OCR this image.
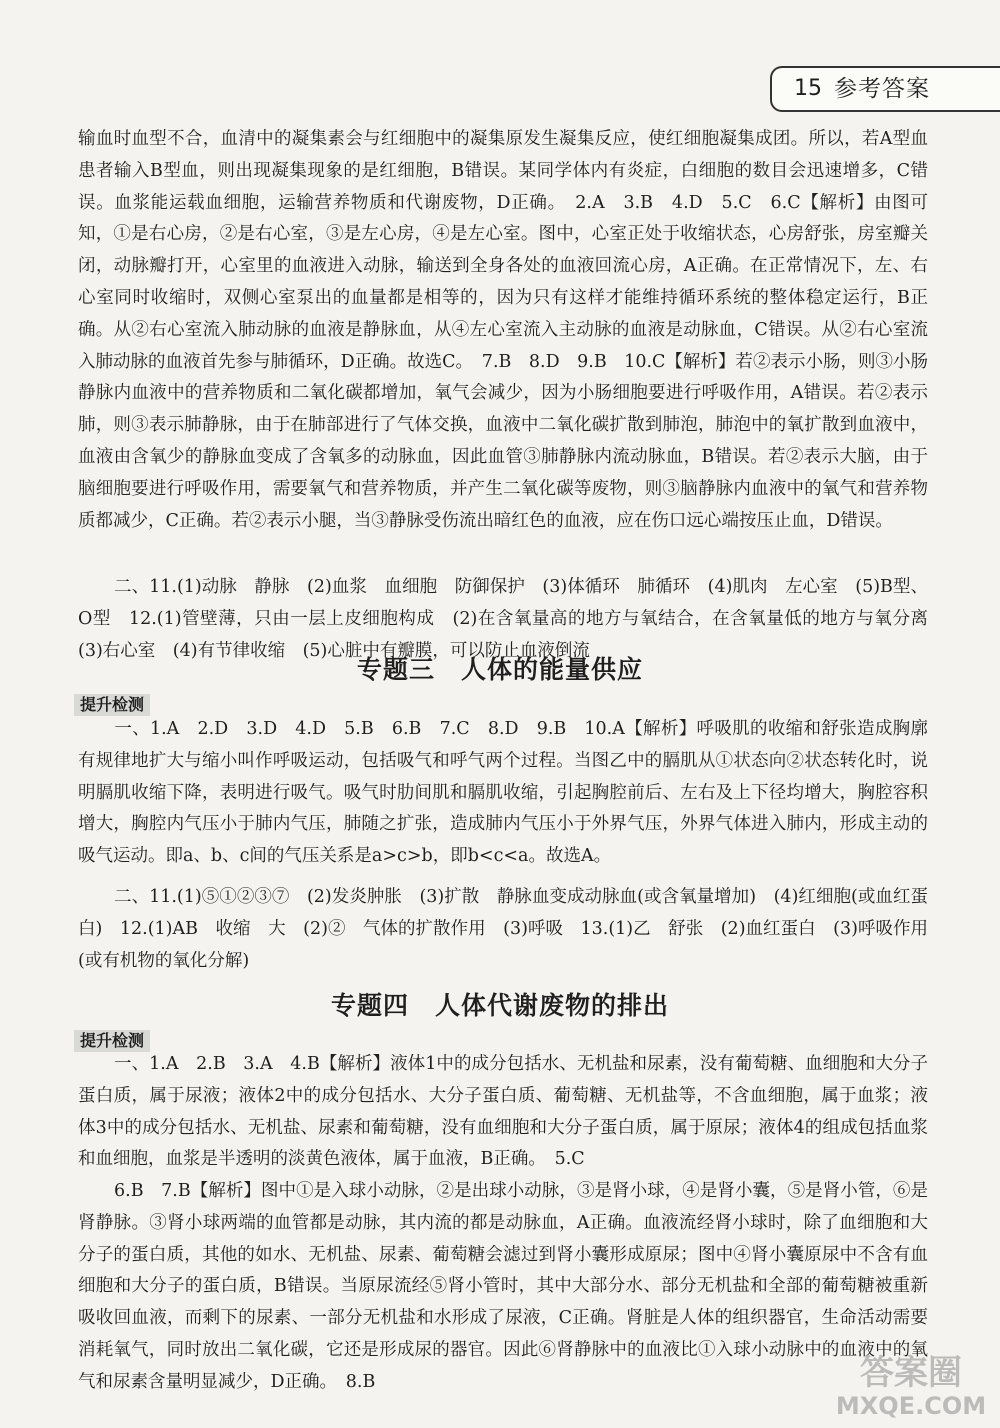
15 参考答案

输血时血型不合，血清中的凝集素会与红细胞中的凝集原发生凝集反应，使红细胞凝集成团。所以，若A型血患者输入B型血，则出现凝集现象的是红细胞，B错误。某同学体内有炎症，白细胞的数目会迅速增多，C错误。血浆能运载血细胞，运输营养物质和代谢废物，D正确。　2.A　3.B　4.D　5.C　6.C【解析】由图可知，①是右心房，②是右心室，③是左心房，④是左心室。图中，心室正处于收缩状态，心房舒张，房室瓣关闭，动脉瓣打开，心室里的血液进入动脉，输送到全身各处的血液回流心房，A正确。在正常情况下，左、右心室同时收缩时，双侧心室泵出的血量都是相等的，因为只有这样才能维持循环系统的整体稳定运行，B正确。从②右心室流入肺动脉的血液是静脉血，从④左心室流入主动脉的血液是动脉血，C错误。从②右心室流入肺动脉的血液首先参与肺循环，D正确。故选C。　7.B　8.D　9.B　10.C【解析】若②表示小肠，则③小肠静脉内血液中的营养物质和二氧化碳都增加，氧气会减少，因为小肠细胞要进行呼吸作用，A错误。若②表示肺，则③表示肺静脉，由于在肺部进行了气体交换，血液中二氧化碳扩散到肺泡，肺泡中的氧扩散到血液中，血液由含氧少的静脉血变成了含氧多的动脉血，因此血管③肺静脉内流动脉血，B错误。若②表示大脑，由于脑细胞要进行呼吸作用，需要氧气和营养物质，并产生二氧化碳等废物，则③脑静脉内血液中的氧气和营养物质都减少，C正确。若②表示小腿，当③静脉受伤流出暗红色的血液，应在伤口远心端按压止血，D错误。

二、11.(1)动脉　静脉　(2)血浆　血细胞　防御保护　(3)体循环　肺循环　(4)肌肉　左心室　(5)B型、O型　12.(1)管壁薄，只由一层上皮细胞构成　(2)在含氧量高的地方与氧结合，在含氧量低的地方与氧分离　(3)右心室　(4)有节律收缩　(5)心脏中有瓣膜，可以防止血液倒流

专题三　人体的能量供应
提升检测

一、1.A　2.D　3.D　4.D　5.B　6.B　7.C　8.D　9.B　10.A【解析】呼吸肌的收缩和舒张造成胸廓有规律地扩大与缩小叫作呼吸运动，包括吸气和呼气两个过程。当图乙中的膈肌从①状态向②状态转化时，说明膈肌收缩下降，表明进行吸气。吸气时肋间肌和膈肌收缩，引起胸腔前后、左右及上下径均增大，胸腔容积增大，胸腔内气压小于肺内气压，肺随之扩张，造成肺内气压小于外界气压，外界气体进入肺内，形成主动的吸气运动。即a、b、c间的气压关系是a>c>b，即b<c<a。故选A。

二、11.(1)⑤①②③⑦　(2)发炎肿胀　(3)扩散　静脉血变成动脉血(或含氧量增加)　(4)红细胞(或血红蛋白)　12.(1)AB　收缩　大　(2)②　气体的扩散作用　(3)呼吸　13.(1)乙　舒张　(2)血红蛋白　(3)呼吸作用(或有机物的氧化分解)

专题四　人体代谢废物的排出
提升检测

一、1.A　2.B　3.A　4.B【解析】液体1中的成分包括水、无机盐和尿素，没有葡萄糖、血细胞和大分子蛋白质，属于尿液；液体2中的成分包括水、大分子蛋白质、葡萄糖、无机盐等，不含血细胞，属于血浆；液体3中的成分包括水、无机盐、尿素和葡萄糖，没有血细胞和大分子蛋白质，属于原尿；液体4的组成包括血浆和血细胞，血浆是半透明的淡黄色液体，属于血液，B正确。　5.C

6.B　7.B【解析】图中①是入球小动脉，②是出球小动脉，③是肾小球，④是肾小囊，⑤是肾小管，⑥是肾静脉。③肾小球两端的血管都是动脉，其内流的都是动脉血，A正确。血液流经肾小球时，除了血细胞和大分子的蛋白质，其他的如水、无机盐、尿素、葡萄糖会滤过到肾小囊形成原尿；图中④肾小囊原尿中不含有血细胞和大分子的蛋白质，B错误。当原尿流经⑤肾小管时，其中大部分水、部分无机盐和全部的葡萄糖被重新吸收回血液，而剩下的尿素、一部分无机盐和水形成了尿液，C正确。肾脏是人体的组织器官，生命活动需要消耗氧气，同时放出二氧化碳，它还是形成尿的器官。因此⑥肾静脉中的血液比①入球小动脉中的血液中的氧气和尿素含量明显减少，D正确。　8.B	答案圈
MXQE.COM
